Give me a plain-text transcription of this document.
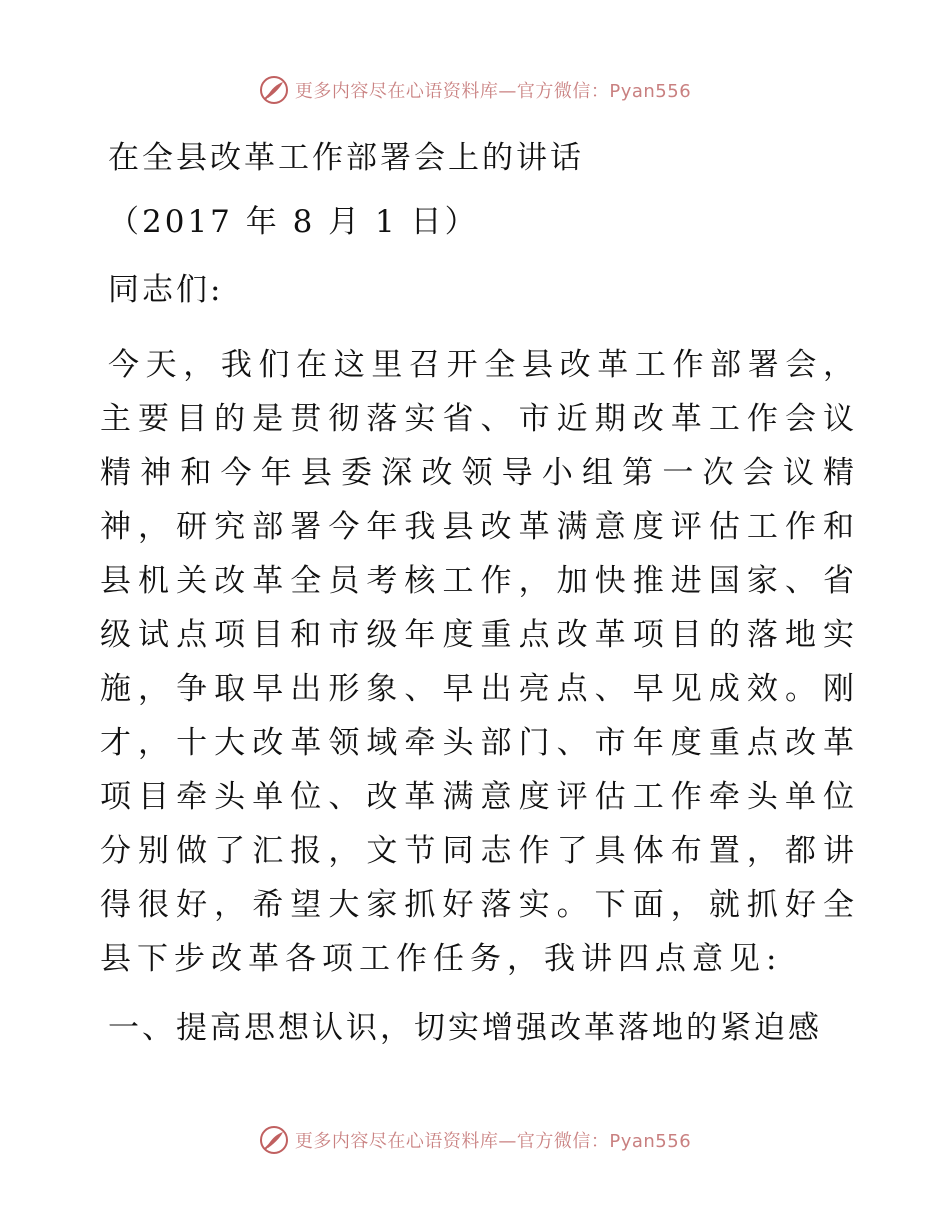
更多内容尽在心语资料库—官方微信：Pyan556
在全县改革工作部署会上的讲话
（2017 年 8 月 1 日）
同志们:
今天，我们在这里召开全县改革工作部署会，主要目的是贯彻落实省、市近期改革工作会议精神和今年县委深改领导小组第一次会议精神，研究部署今年我县改革满意度评估工作和县机关改革全员考核工作，加快推进国家、省级试点项目和市级年度重点改革项目的落地实施，争取早出形象、早出亮点、早见成效。刚才，十大改革领域牵头部门、市年度重点改革项目牵头单位、改革满意度评估工作牵头单位分别做了汇报，文节同志作了具体布置，都讲得很好，希望大家抓好落实。下面，就抓好全县下步改革各项工作任务，我讲四点意见:
一、提高思想认识，切实增强改革落地的紧迫感
更多内容尽在心语资料库—官方微信：Pyan556
